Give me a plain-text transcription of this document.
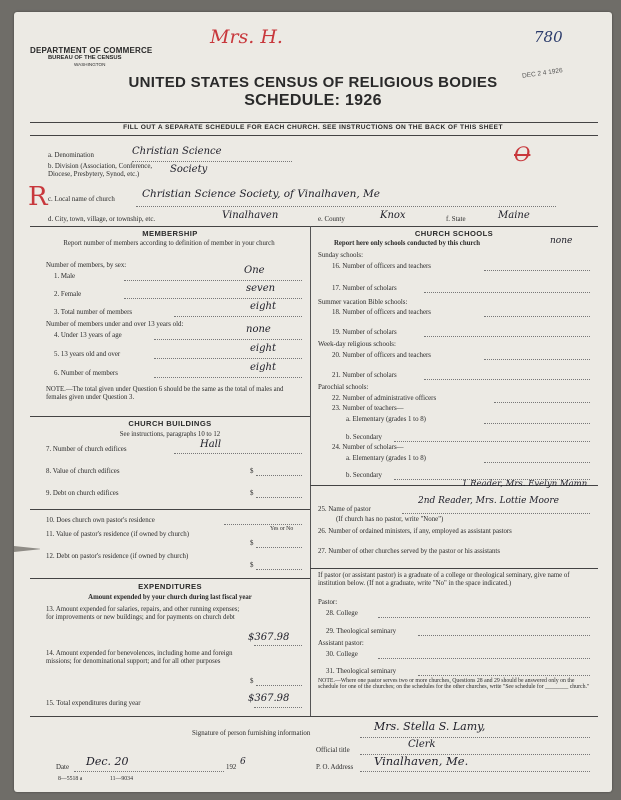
DEPARTMENT OF COMMERCE
BUREAU OF THE CENSUS
WASHINGTON
Mrs. H.	780
DEC 2 4 1926
UNITED STATES CENSUS OF RELIGIOUS BODIES
SCHEDULE: 1926
FILL OUT A SEPARATE SCHEDULE FOR EACH CHURCH. SEE INSTRUCTIONS ON THE BACK OF THIS SHEET
R
O
a. Denomination	Christian Science
b. Division (Association, Conference, Diocese, Presbytery, Synod, etc.)	Society
c. Local name of church	Christian Science Society, of Vinalhaven, Me
d. City, town, village, or township, etc.	Vinalhaven	e. County	Knox	f. State	Maine
MEMBERSHIP
Report number of members according to definition of member in your church
Number of members, by sex:
1. Male
One
2. Female
seven
3. Total number of members
eight
Number of members under and over 13 years old:
4. Under 13 years of age
none
5. 13 years old and over
eight
6. Number of members
eight
NOTE.—The total given under Question 6 should be the same as the total of males and females given under Question 3.
CHURCH BUILDINGS
See instructions, paragraphs 10 to 12
7. Number of church edifices	Hall
8. Value of church edifices	$
9. Debt on church edifices	$
10. Does church own pastor's residence
Yes or No
11. Value of pastor's residence (if owned by church)
$
12. Debt on pastor's residence (if owned by church)
$
EXPENDITURES
Amount expended by your church during last fiscal year
13. Amount expended for salaries, repairs, and other running expenses; for improvements or new buildings; and for payments on church debt
$367.98
14. Amount expended for benevolences, including home and foreign missions; for denominational support; and for all other purposes
$
15. Total expenditures during year	$367.98
CHURCH SCHOOLS
Report here only schools conducted by this church	none
Sunday schools:
16. Number of officers and teachers
17. Number of scholars
Summer vacation Bible schools:
18. Number of officers and teachers
19. Number of scholars
Week-day religious schools:
20. Number of officers and teachers
21. Number of scholars
Parochial schools:
22. Number of administrative officers
23. Number of teachers—
a. Elementary (grades 1 to 8)
b. Secondary
24. Number of scholars—
a. Elementary (grades 1 to 8)
b. Secondary
1 Reader, Mrs. Evelyn Mamn
2nd Reader, Mrs. Lottie Moore
25. Name of pastor
(If church has no pastor, write "None")
26. Number of ordained ministers, if any, employed as assistant pastors
27. Number of other churches served by the pastor or his assistants
If pastor (or assistant pastor) is a graduate of a college or theological seminary, give name of institution below. (If not a graduate, write "No" in the space indicated.)
Pastor:
28. College
29. Theological seminary
Assistant pastor:
30. College
31. Theological seminary
NOTE.—Where one pastor serves two or more churches, Questions 28 and 29 should be answered only on the schedule for one of the churches; on the schedules for the other churches, write "See schedule for ________ church."
Signature of person furnishing information
Mrs. Stella S. Lamy,
Official title
Clerk
P. O. Address Vinalhaven, Me.
Date Dec. 20	192
6
8—5518 a	11—9034
